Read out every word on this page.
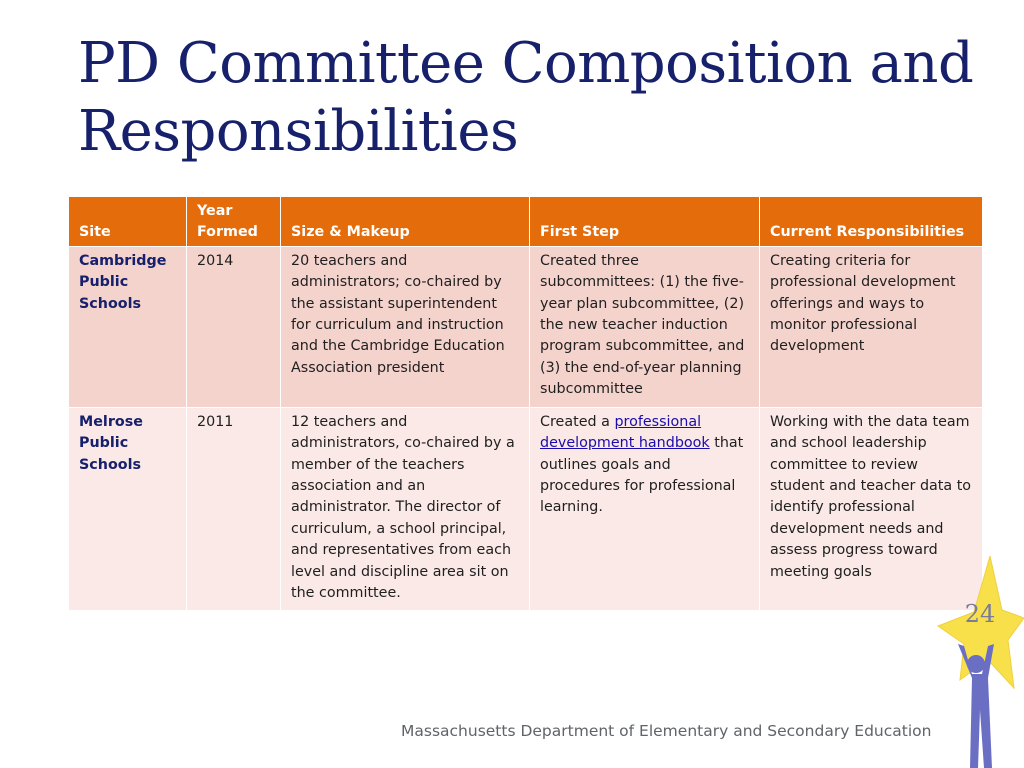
PD Committee Composition and
Responsibilities
Site	Year Formed	Size & Makeup	First Step	Current Responsibilities
Cambridge Public Schools	2014	20 teachers and administrators; co-chaired by the assistant superintendent for curriculum and instruction and the Cambridge Education Association president	Created three subcommittees: (1) the five-year plan subcommittee, (2) the new teacher induction program subcommittee, and (3) the end-of-year planning subcommittee	Creating criteria for professional development offerings and ways to monitor professional development
Melrose Public Schools	2011	12 teachers and administrators, co-chaired by a member of the teachers association and an administrator. The director of curriculum, a school principal, and representatives from each level and discipline area sit on the committee.	Created a professional development handbook that outlines goals and procedures for professional learning.	Working with the data team and school leadership committee to review student and teacher data to identify professional development needs and assess progress toward meeting goals
24
Massachusetts Department of Elementary and Secondary Education
